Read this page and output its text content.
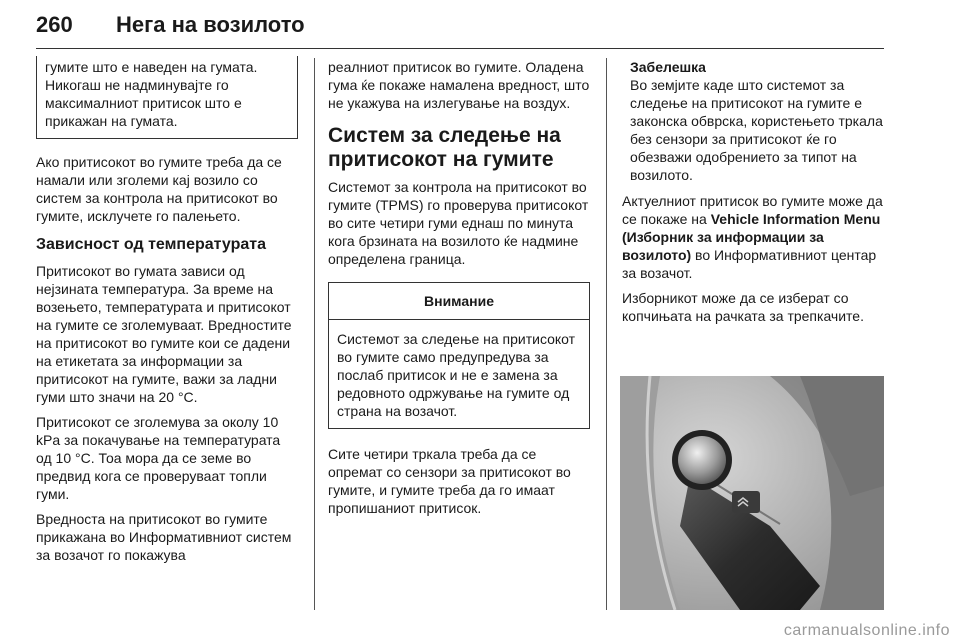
260 Нега на возилото
гумите што е наведен на гумата. Никогаш не надминувајте го максималниот притисок што е прикажан на гумата.

Ако притисокот во гумите треба да се намали или зголеми кај возило со систем за контрола на притисокот во гумите, исклучете го палењето.

Зависност од температурата

Притисокот во гумата зависи од нејзината температура. За време на возењето, температурата и притисокот на гумите се зголемуваат. Вредностите на притисокот во гумите кои се дадени на етикетата за информации за притисокот на гумите, важи за ладни гуми што значи на 20 °C.

Притисокот се зголемува за околу 10 kPa за покачување на температурата од 10 °C. Тоа мора да се земе во предвид кога се проверуваат топли гуми.

Вредноста на притисокот во гумите прикажана во Информативниот систем за возачот го покажува

реалниот притисок во гумите. Оладена гума ќе покаже намалена вредност, што не укажува на излегување на воздух.

Систем за следење на притисокот на гумите

Системот за контрола на притисокот во гумите (TPMS) го проверува притисокот во сите четири гуми еднаш по минута кога брзината на возилото ќе надмине определена граница.

Внимание
Системот за следење на притисокот во гумите само предупредува за послаб притисок и не е замена за редовното одржување на гумите од страна на возачот.

Сите четири тркала треба да се опремат со сензори за притисокот во гумите, и гумите треба да го имаат пропишаниот притисок.

Забелешка
Во земјите каде што системот за следење на притисокот на гумите е законска обврска, користењето тркала без сензори за притисокот ќе го обезважи одобрението за типот на возилото.

Актуелниот притисок во гумите може да се покаже на Vehicle Information Menu (Изборник за информации за возилото) во Информативниот центар за возачот.

Изборникот може да се изберат со копчињата на рачката за трепкачите.

carmanualsonline.info
